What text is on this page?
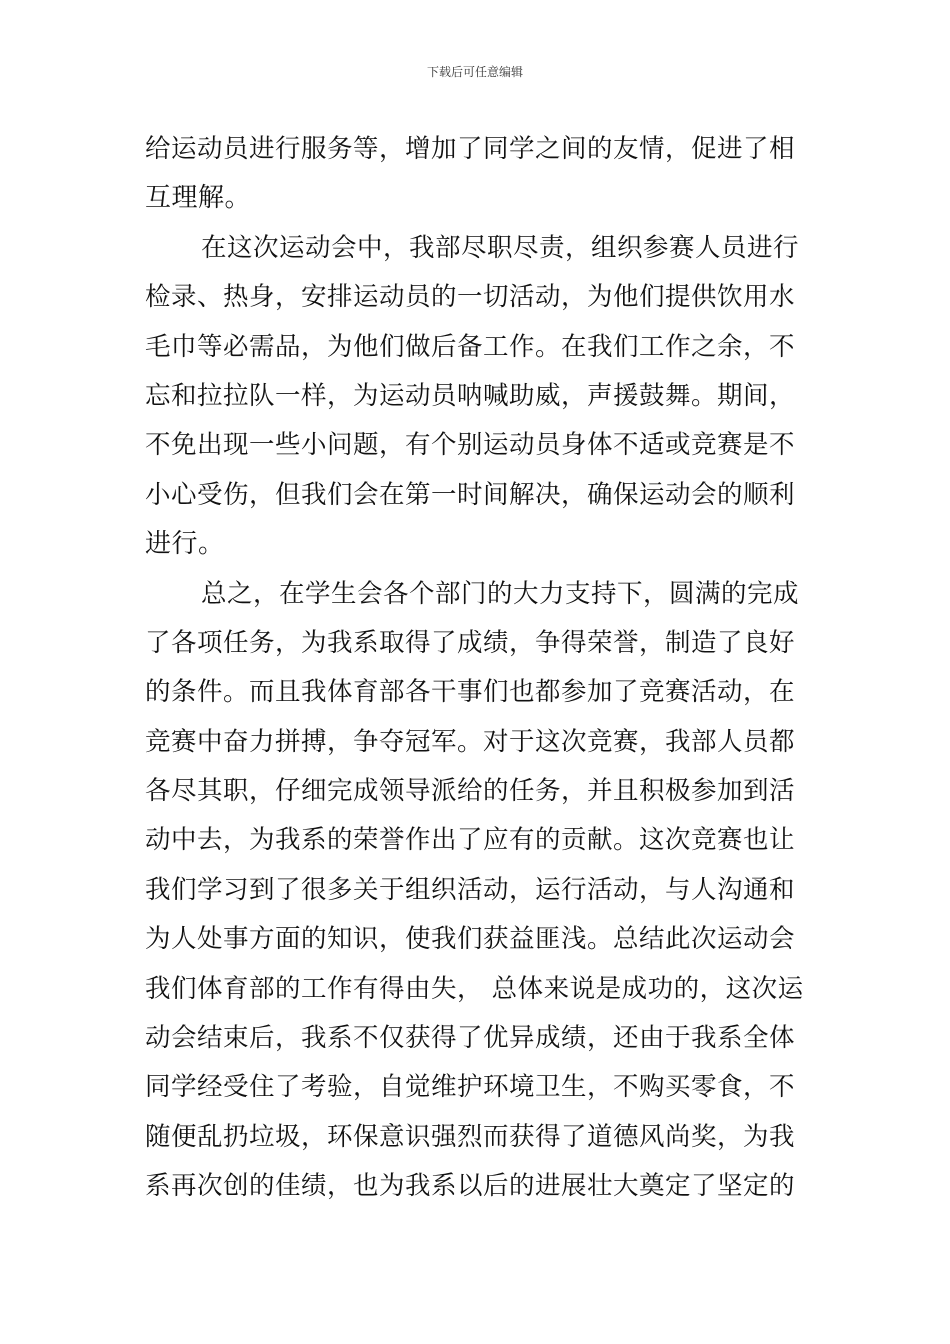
下载后可任意编辑
给运动员进行服务等，增加了同学之间的友情，促进了相
互理解。
在这次运动会中，我部尽职尽责，组织参赛人员进行
检录、热身，安排运动员的一切活动，为他们提供饮用水
毛巾等必需品，为他们做后备工作。在我们工作之余，不
忘和拉拉队一样，为运动员呐喊助威，声援鼓舞。期间，
不免出现一些小问题，有个别运动员身体不适或竞赛是不
小心受伤，但我们会在第一时间解决，确保运动会的顺利
进行。
总之，在学生会各个部门的大力支持下，圆满的完成
了各项任务，为我系取得了成绩，争得荣誉，制造了良好
的条件。而且我体育部各干事们也都参加了竞赛活动，在
竞赛中奋力拼搏，争夺冠军。对于这次竞赛，我部人员都
各尽其职，仔细完成领导派给的任务，并且积极参加到活
动中去，为我系的荣誉作出了应有的贡献。这次竞赛也让
我们学习到了很多关于组织活动，运行活动，与人沟通和
为人处事方面的知识，使我们获益匪浅。总结此次运动会
我们体育部的工作有得由失， 总体来说是成功的，这次运
动会结束后，我系不仅获得了优异成绩，还由于我系全体
同学经受住了考验，自觉维护环境卫生，不购买零食，不
随便乱扔垃圾，环保意识强烈而获得了道德风尚奖，为我
系再次创的佳绩，也为我系以后的进展壮大奠定了坚定的
